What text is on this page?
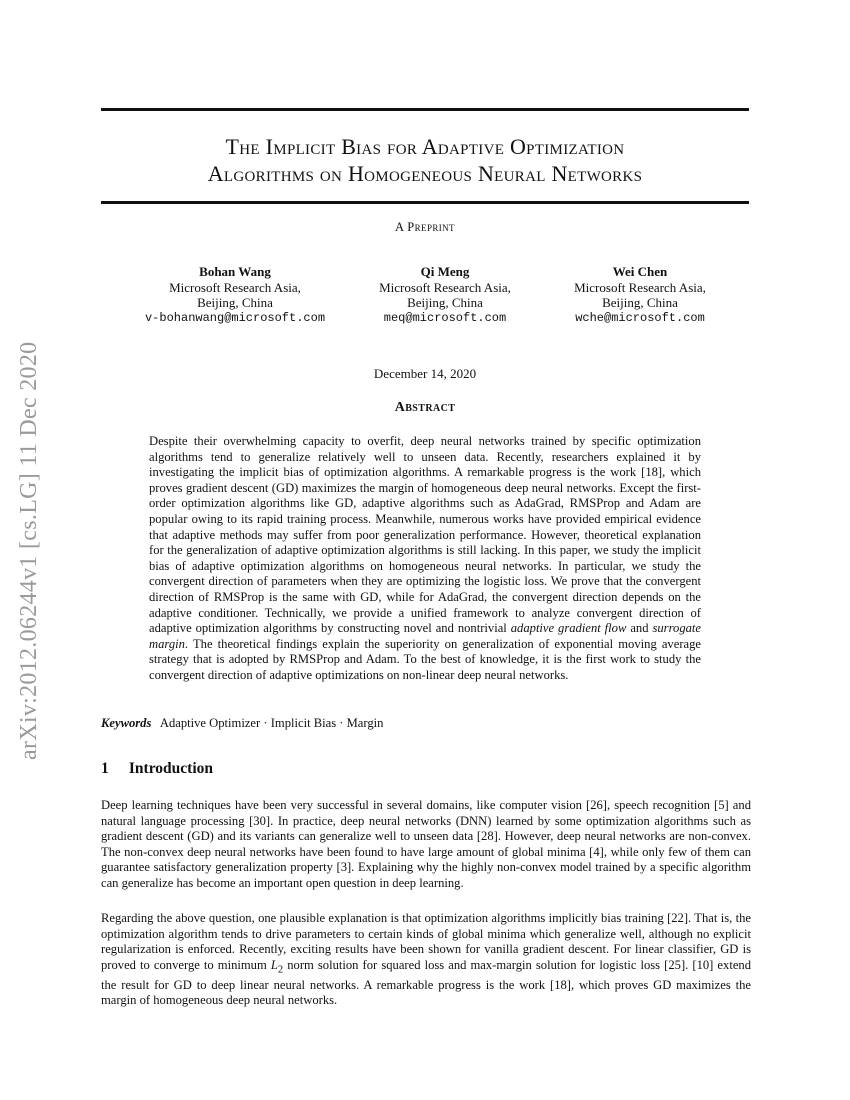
arXiv:2012.06244v1 [cs.LG] 11 Dec 2020
The Implicit Bias for Adaptive Optimization
Algorithms on Homogeneous Neural Networks
A Preprint
Bohan Wang
Microsoft Research Asia,
Beijing, China
v-bohanwang@microsoft.com
Qi Meng
Microsoft Research Asia,
Beijing, China
meq@microsoft.com
Wei Chen
Microsoft Research Asia,
Beijing, China
wche@microsoft.com
December 14, 2020
Abstract
Despite their overwhelming capacity to overfit, deep neural networks trained by specific optimization algorithms tend to generalize relatively well to unseen data. Recently, researchers explained it by investigating the implicit bias of optimization algorithms. A remarkable progress is the work [18], which proves gradient descent (GD) maximizes the margin of homogeneous deep neural networks. Except the first-order optimization algorithms like GD, adaptive algorithms such as AdaGrad, RMSProp and Adam are popular owing to its rapid training process. Meanwhile, numerous works have provided empirical evidence that adaptive methods may suffer from poor generalization performance. However, theoretical explanation for the generalization of adaptive optimization algorithms is still lacking. In this paper, we study the implicit bias of adaptive optimization algorithms on homogeneous neural networks. In particular, we study the convergent direction of parameters when they are optimizing the logistic loss. We prove that the convergent direction of RMSProp is the same with GD, while for AdaGrad, the convergent direction depends on the adaptive conditioner. Technically, we provide a unified framework to analyze convergent direction of adaptive optimization algorithms by constructing novel and nontrivial adaptive gradient flow and surrogate margin. The theoretical findings explain the superiority on generalization of exponential moving average strategy that is adopted by RMSProp and Adam. To the best of knowledge, it is the first work to study the convergent direction of adaptive optimizations on non-linear deep neural networks.
Keywords Adaptive Optimizer · Implicit Bias · Margin
1 Introduction
Deep learning techniques have been very successful in several domains, like computer vision [26], speech recognition [5] and natural language processing [30]. In practice, deep neural networks (DNN) learned by some optimization algorithms such as gradient descent (GD) and its variants can generalize well to unseen data [28]. However, deep neural networks are non-convex. The non-convex deep neural networks have been found to have large amount of global minima [4], while only few of them can guarantee satisfactory generalization property [3]. Explaining why the highly non-convex model trained by a specific algorithm can generalize has become an important open question in deep learning.
Regarding the above question, one plausible explanation is that optimization algorithms implicitly bias training [22]. That is, the optimization algorithm tends to drive parameters to certain kinds of global minima which generalize well, although no explicit regularization is enforced. Recently, exciting results have been shown for vanilla gradient descent. For linear classifier, GD is proved to converge to minimum $L_2$ norm solution for squared loss and max-margin solution for logistic loss [25]. [10] extend the result for GD to deep linear neural networks. A remarkable progress is the work [18], which proves GD maximizes the margin of homogeneous deep neural networks.
